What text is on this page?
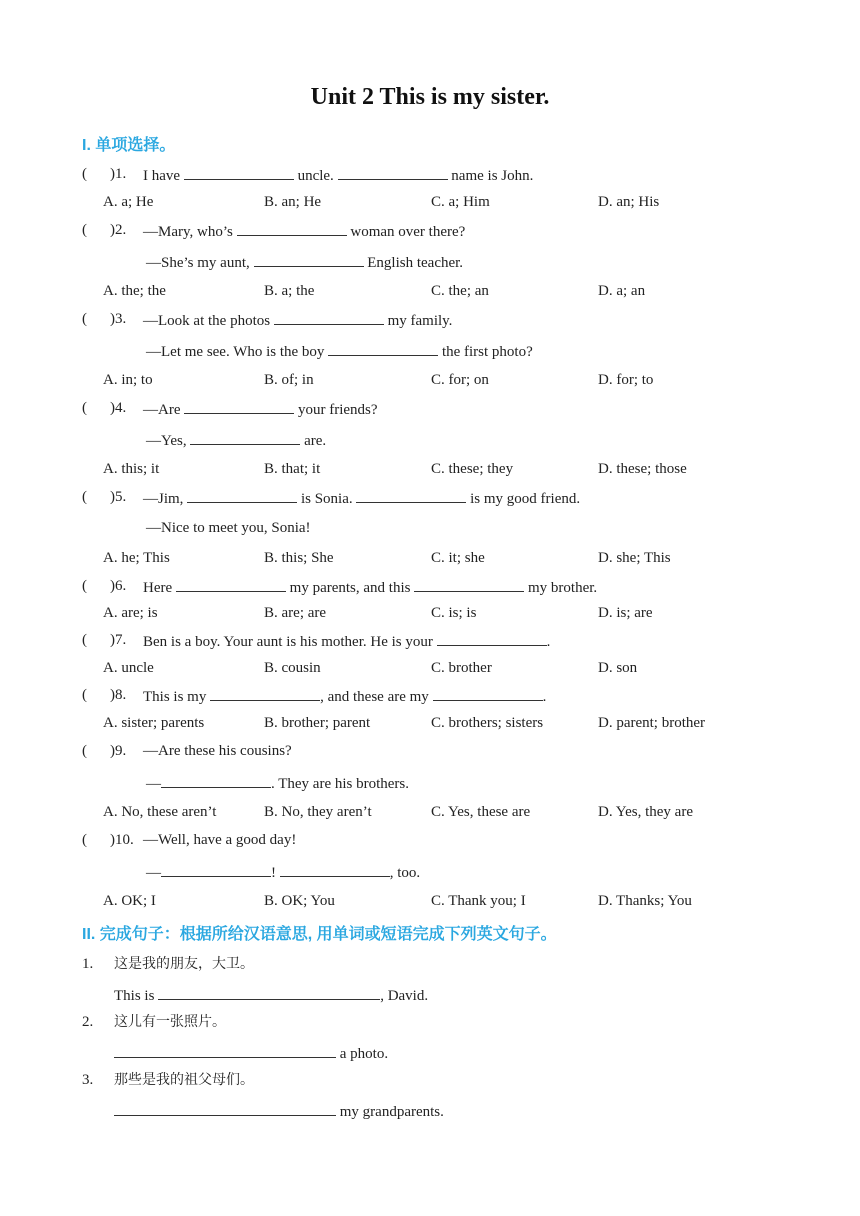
Unit 2 This is my sister.
I. 单项选择。
( )1. I have	uncle.	name is John.
A. a; He	B. an; He	C. a; Him	D. an; His
( )2. —Mary, who’s	woman over there?
—She’s my aunt,	English teacher.
A. the; the	B. a; the	C. the; an	D. a; an
( )3. —Look at the photos	my family.
—Let me see. Who is the boy	the first photo?
A. in; to	B. of; in	C. for; on	D. for; to
( )4. —Are	your friends?
—Yes,	are.
A. this; it	B. that; it	C. these; they	D. these; those
( )5. —Jim,	is Sonia.	is my good friend.
—Nice to meet you, Sonia!
A. he; This	B. this; She	C. it; she	D. she; This
( )6. Here	my parents, and this	my brother.
A. are; is	B. are; are	C. is; is	D. is; are
( )7. Ben is a boy. Your aunt is his mother. He is your	.
A. uncle	B. cousin	C. brother	D. son
( )8. This is my	, and these are my	.
A. sister; parents	B. brother; parent	C. brothers; sisters	D. parent; brother
( )9. —Are these his cousins?
—	. They are his brothers.
A. No, these aren’t	B. No, they aren’t	C. Yes, these are	D. Yes, they are
( )10. —Well, have a good day!
—	!	, too.
A. OK; I	B. OK; You	C. Thank you; I	D. Thanks; You
II. 完成句子：根据所给汉语意思, 用单词或短语完成下列英文句子。
1. 这是我的朋友，大卫。
This is	, David.
2. 这儿有一张照片。
a photo.
3. 那些是我的祖父母们。
my grandparents.
